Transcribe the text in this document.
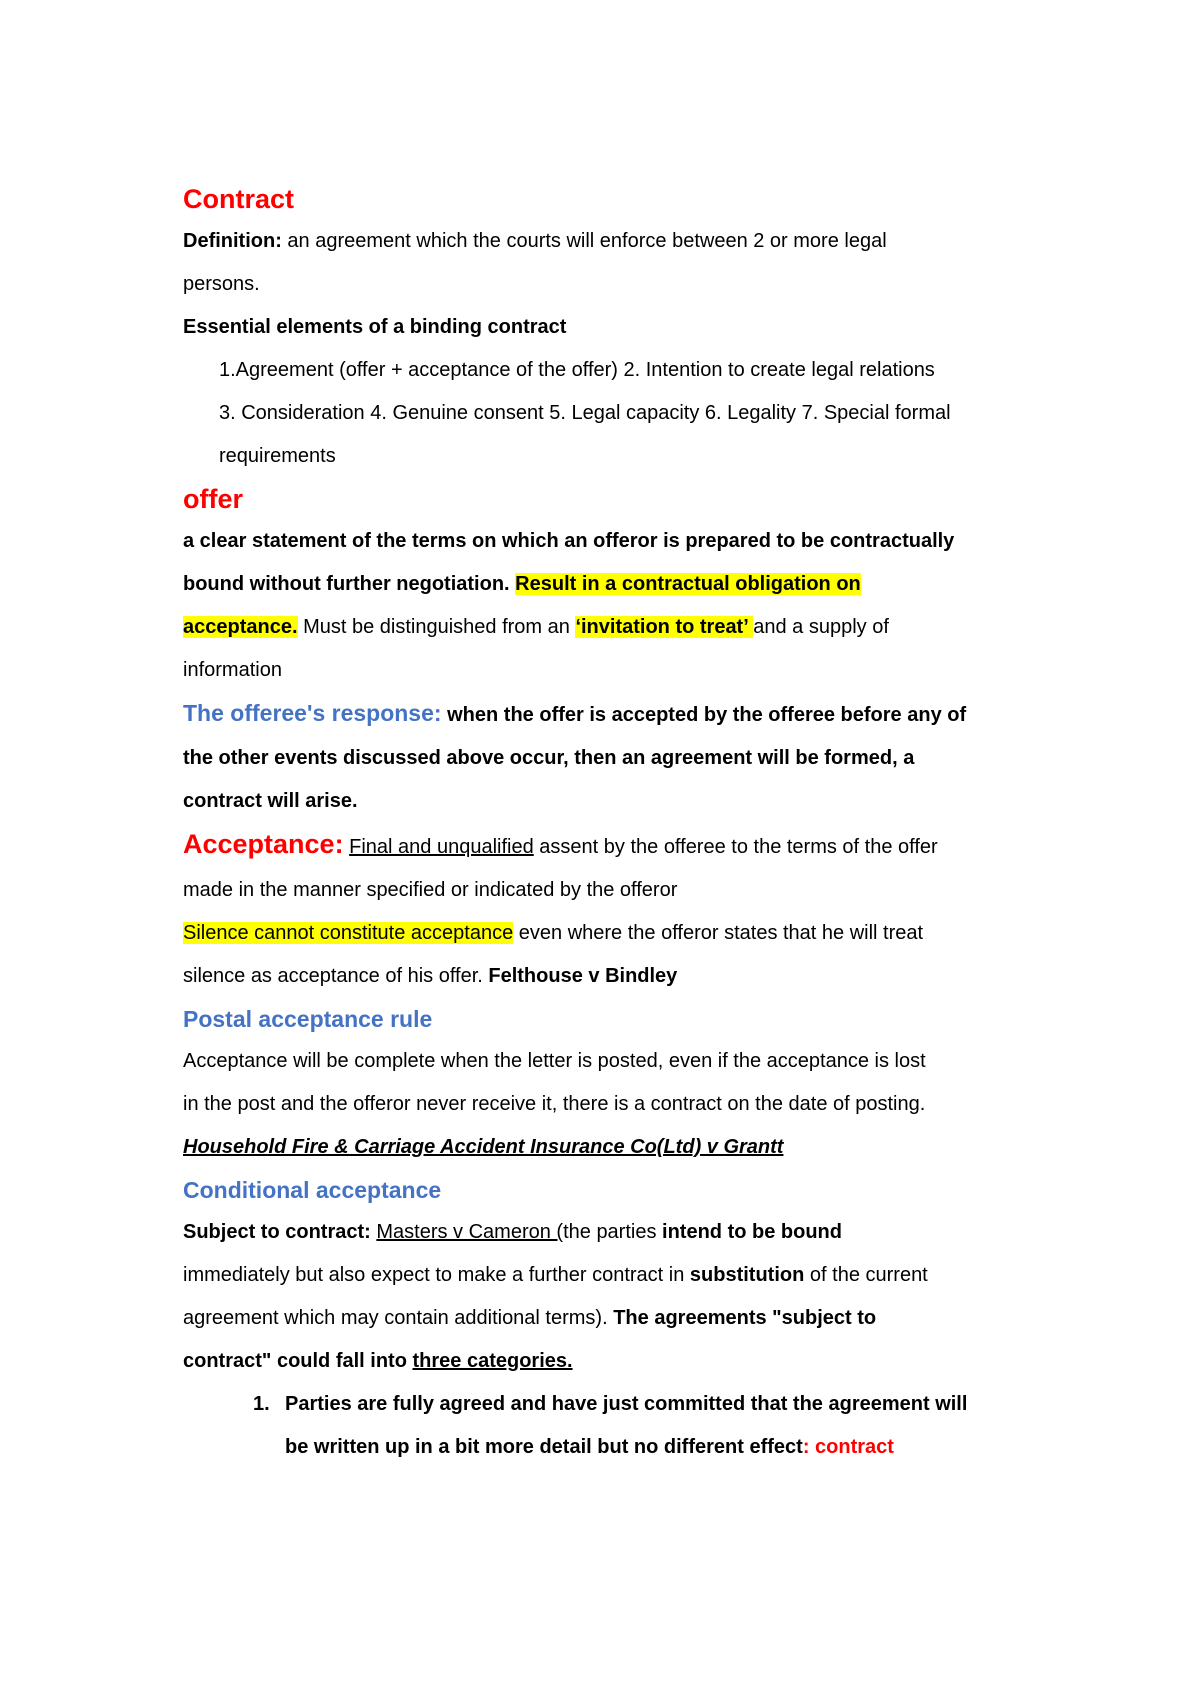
Contract
Definition: an agreement which the courts will enforce between 2 or more legal
persons.
Essential elements of a binding contract
1.Agreement (offer + acceptance of the offer) 2. Intention to create legal relations
3. Consideration 4. Genuine consent 5. Legal capacity 6. Legality 7. Special formal
requirements
offer
a clear statement of the terms on which an offeror is prepared to be contractually
bound without further negotiation. Result in a contractual obligation on
acceptance. Must be distinguished from an ‘invitation to treat’ and a supply of
information
The offeree's response: when the offer is accepted by the offeree before any of
the other events discussed above occur, then an agreement will be formed, a
contract will arise.
Acceptance: Final and unqualified assent by the offeree to the terms of the offer
made in the manner specified or indicated by the offeror
Silence cannot constitute acceptance even where the offeror states that he will treat
silence as acceptance of his offer. Felthouse v Bindley
Postal acceptance rule
Acceptance will be complete when the letter is posted, even if the acceptance is lost
in the post and the offeror never receive it, there is a contract on the date of posting.
Household Fire & Carriage Accident Insurance Co(Ltd) v Grantt
Conditional acceptance
Subject to contract: Masters v Cameron (the parties intend to be bound
immediately but also expect to make a further contract in substitution of the current
agreement which may contain additional terms). The agreements "subject to
contract" could fall into three categories.
1. Parties are fully agreed and have just committed that the agreement will
be written up in a bit more detail but no different effect: contract
